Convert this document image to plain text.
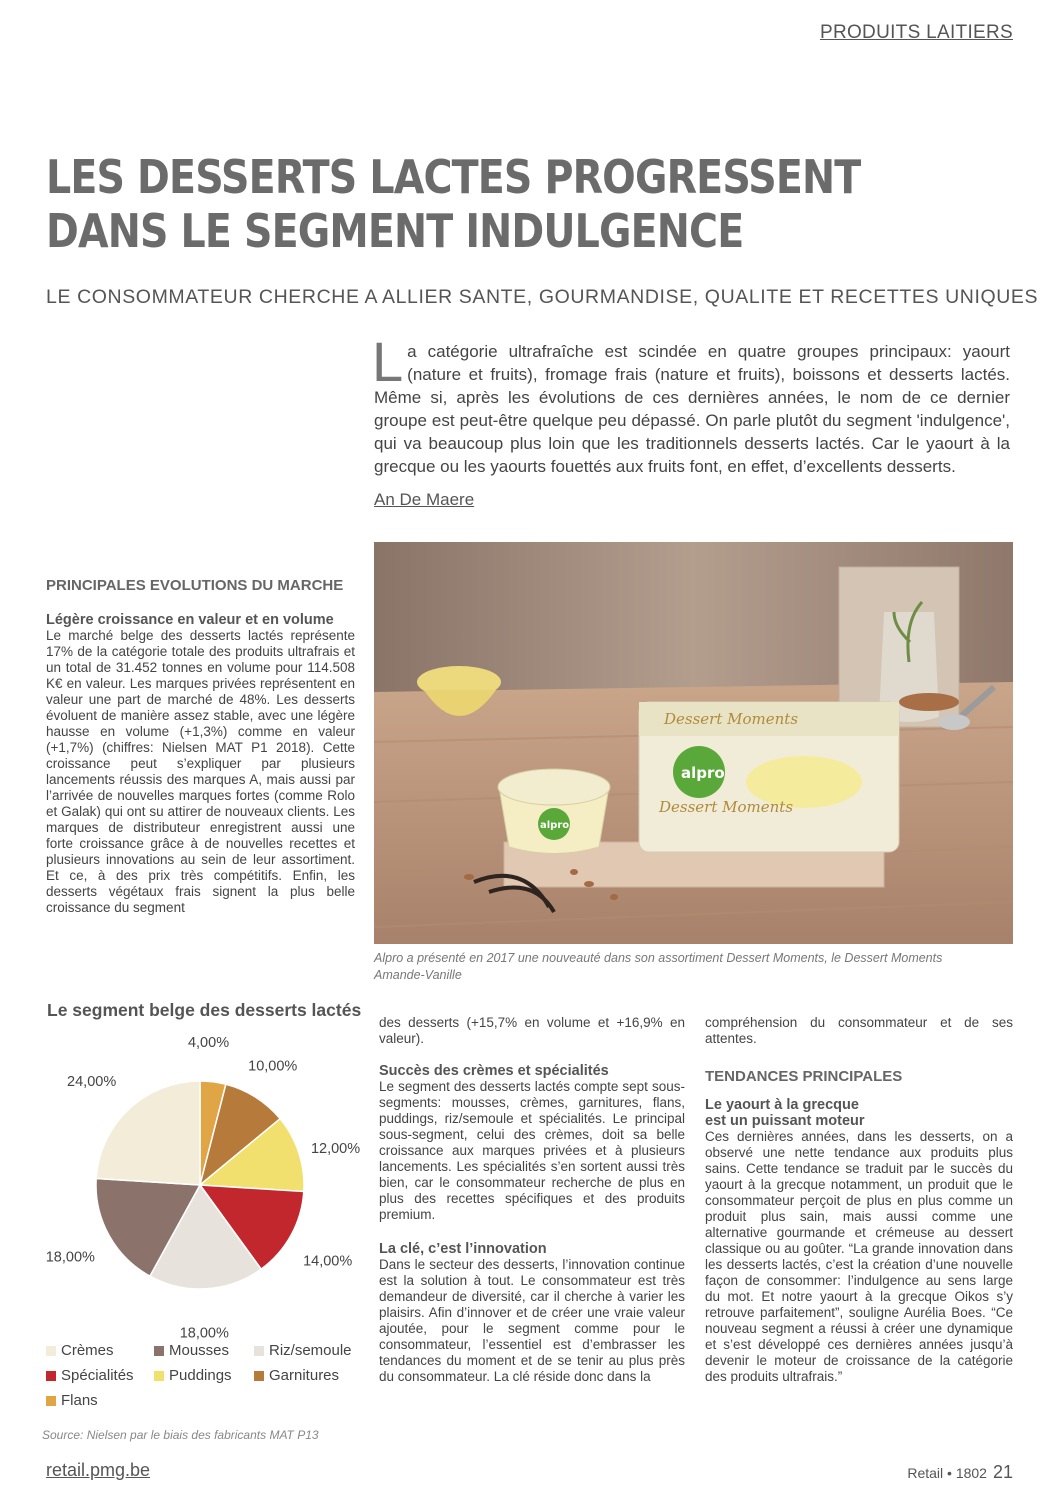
PRODUITS LAITIERS
LES DESSERTS LACTES PROGRESSENT
DANS LE SEGMENT INDULGENCE
LE CONSOMMATEUR CHERCHE A ALLIER SANTE, GOURMANDISE, QUALITE ET RECETTES UNIQUES
La catégorie ultrafraîche est scindée en quatre groupes principaux: yaourt (nature et fruits), fromage frais (nature et fruits), boissons et desserts lactés. Même si, après les évolutions de ces dernières années, le nom de ce dernier groupe est peut-être quelque peu dépassé. On parle plutôt du segment 'indulgence', qui va beaucoup plus loin que les traditionnels desserts lactés. Car le yaourt à la grecque ou les yaourts fouettés aux fruits font, en effet, d’excellents desserts.
An De Maere
Dessert Moments
alpro
Dessert Moments
alpro
Alpro a présenté en 2017 une nouveauté dans son assortiment Dessert Moments, le Dessert Moments Amande-Vanille
PRINCIPALES EVOLUTIONS DU MARCHE
Légère croissance en valeur et en volume

Le marché belge des desserts lactés représente 17% de la catégorie totale des produits ultrafrais et un total de 31.452 tonnes en volume pour 114.508 K€ en valeur. Les marques privées représentent en valeur une part de marché de 48%. Les desserts évoluent de manière assez stable, avec une légère hausse en volume (+1,3%) comme en valeur (+1,7%) (chiffres: Nielsen MAT P1 2018). Cette croissance peut s’expliquer par plusieurs lancements réussis des marques A, mais aussi par l’arrivée de nouvelles marques fortes (comme Rolo et Galak) qui ont su attirer de nouveaux clients. Les marques de distributeur enregistrent aussi une forte croissance grâce à de nouvelles recettes et plusieurs innovations au sein de leur assortiment. Et ce, à des prix très compétitifs. Enfin, les desserts végétaux frais signent la plus belle croissance du segment

Le segment belge des desserts lactés
4,00%
10,00%
12,00%
14,00%
18,00%
18,00%
24,00%
Crèmes	Mousses	Riz/semoule
Spécialités Puddings Garnitures
Flans
Source: Nielsen par le biais des fabricants MAT P13

des desserts (+15,7% en volume et +16,9% en valeur).

Succès des crèmes et spécialités

Le segment des desserts lactés compte sept sous-segments: mousses, crèmes, garnitures, flans, puddings, riz/semoule et spécialités. Le principal sous-segment, celui des crèmes, doit sa belle croissance aux marques privées et à plusieurs lancements. Les spécialités s’en sortent aussi très bien, car le consommateur recherche de plus en plus des recettes spécifiques et des produits premium.

La clé, c’est l’innovation

Dans le secteur des desserts, l’innovation continue est la solution à tout. Le consommateur est très demandeur de diversité, car il cherche à varier les plaisirs. Afin d’innover et de créer une vraie valeur ajoutée, pour le segment comme pour le consommateur, l’essentiel est d’embrasser les tendances du moment et de se tenir au plus près du consommateur. La clé réside donc dans la

compréhension du consommateur et de ses attentes.

TENDANCES PRINCIPALES
Le yaourt à la grecque
est un puissant moteur

Ces dernières années, dans les desserts, on a observé une nette tendance aux produits plus sains. Cette tendance se traduit par le succès du yaourt à la grecque notamment, un produit que le consommateur perçoit de plus en plus comme un produit plus sain, mais aussi comme une alternative gourmande et crémeuse au dessert classique ou au goûter. “La grande innovation dans les desserts lactés, c’est la création d’une nouvelle façon de consommer: l’indulgence au sens large du mot. Et notre yaourt à la grecque Oikos s’y retrouve parfaitement”, souligne Aurélia Boes. “Ce nouveau segment a réussi à créer une dynamique et s’est développé ces dernières années jusqu’à devenir le moteur de croissance de la catégorie des produits ultrafrais.”

retail.pmg.be	Retail • 1802 21
